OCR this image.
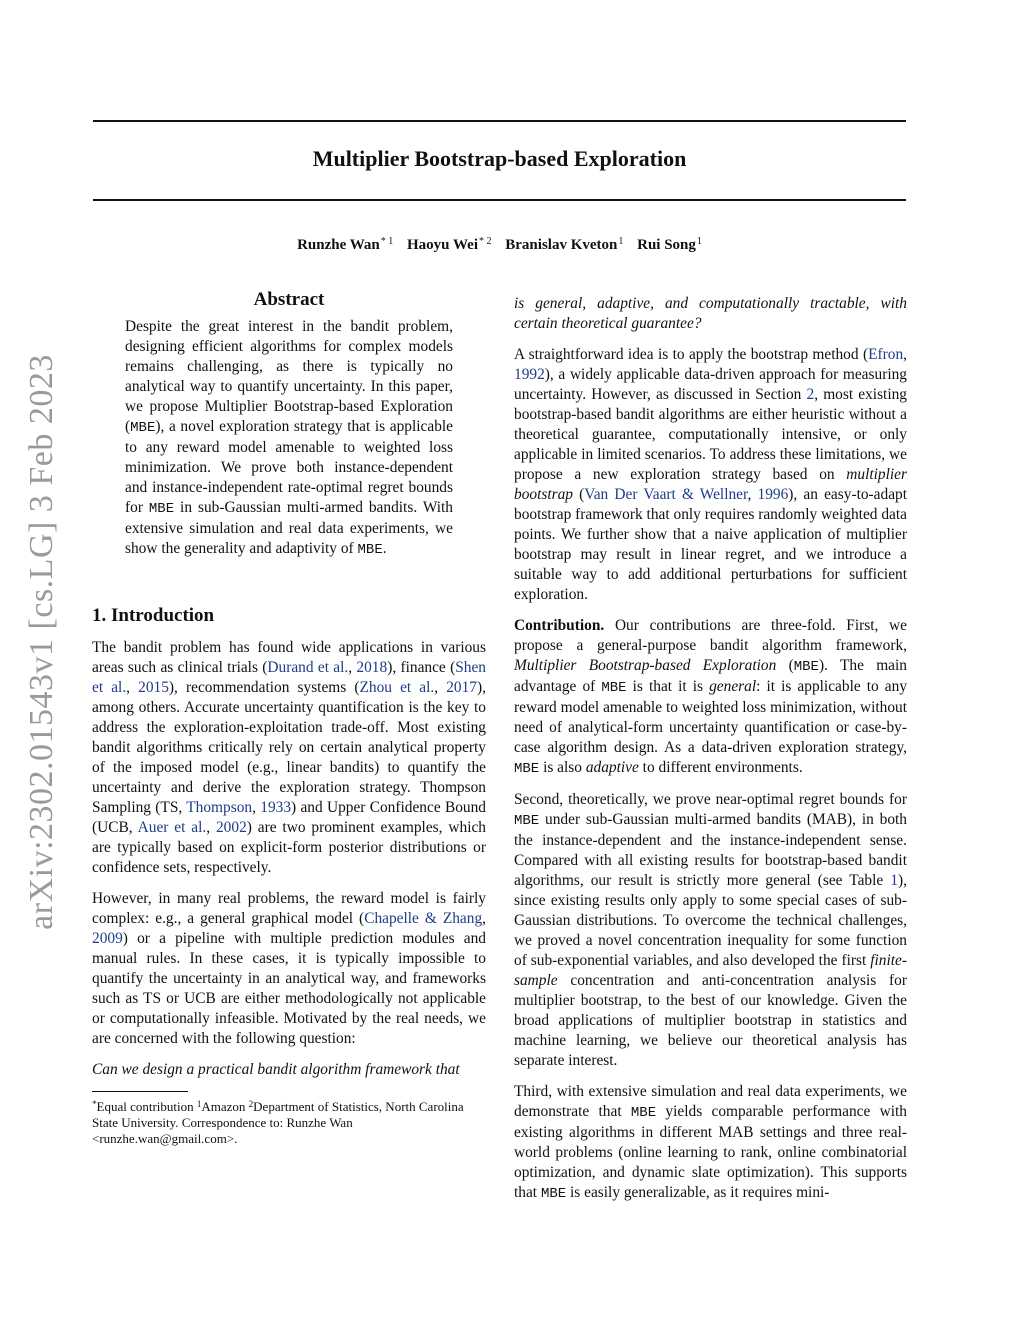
arXiv:2302.01543v1 [cs.LG] 3 Feb 2023
Multiplier Bootstrap-based Exploration
Runzhe Wan$^{* 1}$ Haoyu Wei$^{* 2}$ Branislav Kveton$^1$ Rui Song$^1$
Abstract
Despite the great interest in the bandit problem, designing efficient algorithms for complex models remains challenging, as there is typically no analytical way to quantify uncertainty. In this paper, we propose Multiplier Bootstrap-based Exploration (MBE), a novel exploration strategy that is applicable to any reward model amenable to weighted loss minimization. We prove both instance-dependent and instance-independent rate-optimal regret bounds for MBE in sub-Gaussian multi-armed bandits. With extensive simulation and real data experiments, we show the generality and adaptivity of MBE.
1. Introduction

The bandit problem has found wide applications in various areas such as clinical trials (Durand et al., 2018), finance (Shen et al., 2015), recommendation systems (Zhou et al., 2017), among others. Accurate uncertainty quantification is the key to address the exploration-exploitation trade-off. Most existing bandit algorithms critically rely on certain analytical property of the imposed model (e.g., linear bandits) to quantify the uncertainty and derive the exploration strategy. Thompson Sampling (TS, Thompson, 1933) and Upper Confidence Bound (UCB, Auer et al., 2002) are two prominent examples, which are typically based on explicit-form posterior distributions or confidence sets, respectively.

However, in many real problems, the reward model is fairly complex: e.g., a general graphical model (Chapelle & Zhang, 2009) or a pipeline with multiple prediction modules and manual rules. In these cases, it is typically impossible to quantify the uncertainty in an analytical way, and frameworks such as TS or UCB are either methodologically not applicable or computationally infeasible. Motivated by the real needs, we are concerned with the following question:

Can we design a practical bandit algorithm framework that

*Equal contribution $^1$Amazon $^2$Department of Statistics, North Carolina State University. Correspondence to: Runzhe Wan <runzhe.wan@gmail.com>.

is general, adaptive, and computationally tractable, with certain theoretical guarantee?

A straightforward idea is to apply the bootstrap method (Efron, 1992), a widely applicable data-driven approach for measuring uncertainty. However, as discussed in Section 2, most existing bootstrap-based bandit algorithms are either heuristic without a theoretical guarantee, computationally intensive, or only applicable in limited scenarios. To address these limitations, we propose a new exploration strategy based on multiplier bootstrap (Van Der Vaart & Wellner, 1996), an easy-to-adapt bootstrap framework that only requires randomly weighted data points. We further show that a naive application of multiplier bootstrap may result in linear regret, and we introduce a suitable way to add additional perturbations for sufficient exploration.

Contribution. Our contributions are three-fold. First, we propose a general-purpose bandit algorithm framework, Multiplier Bootstrap-based Exploration (MBE). The main advantage of MBE is that it is general: it is applicable to any reward model amenable to weighted loss minimization, without need of analytical-form uncertainty quantification or case-by-case algorithm design. As a data-driven exploration strategy, MBE is also adaptive to different environments.

Second, theoretically, we prove near-optimal regret bounds for MBE under sub-Gaussian multi-armed bandits (MAB), in both the instance-dependent and the instance-independent sense. Compared with all existing results for bootstrap-based bandit algorithms, our result is strictly more general (see Table 1), since existing results only apply to some special cases of sub-Gaussian distributions. To overcome the technical challenges, we proved a novel concentration inequality for some function of sub-exponential variables, and also developed the first finite-sample concentration and anti-concentration analysis for multiplier bootstrap, to the best of our knowledge. Given the broad applications of multiplier bootstrap in statistics and machine learning, we believe our theoretical analysis has separate interest.

Third, with extensive simulation and real data experiments, we demonstrate that MBE yields comparable performance with existing algorithms in different MAB settings and three real-world problems (online learning to rank, online combinatorial optimization, and dynamic slate optimization). This supports that MBE is easily generalizable, as it requires mini-
